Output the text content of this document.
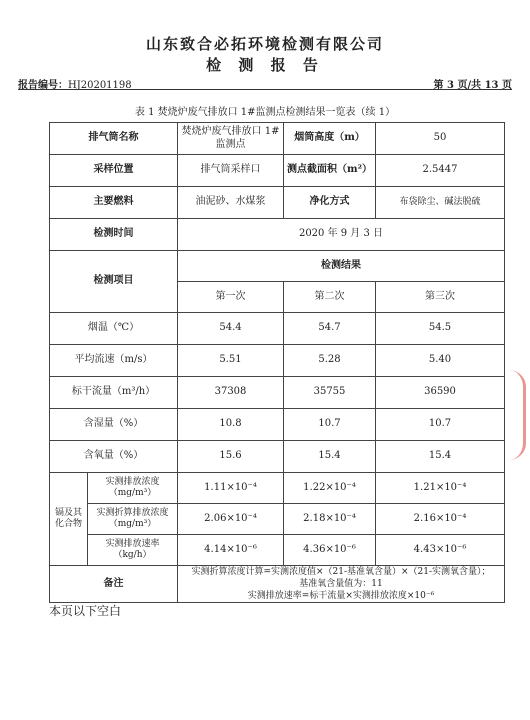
山东致合必拓环境检测有限公司
检 测 报 告
报告编号：HJ20201198	第 3 页/共 13 页
表 1 焚烧炉废气排放口 1#监测点检测结果一览表（续 1）
排气筒名称		焚烧炉废气排放口 1#监测点	烟筒高度（m）	50
采样位置		排气筒采样口	测点截面积（m²）	2.5447
主要燃料		油泥砂、水煤浆	净化方式	布袋除尘、碱法脱硫
检测时间		2020 年 9 月 3 日		
检测项目		检测结果		
		第一次	第二次	第三次
烟温（℃）		54.4	54.7	54.5
平均流速（m/s）		5.51	5.28	5.40
标干流量（m³/h）		37308	35755	36590
含湿量（%）		10.8	10.7	10.7
含氧量（%）		15.6	15.4	15.4
镉及其化合物	实测排放浓度（mg/m³）	1.11×10⁻⁴	1.22×10⁻⁴	1.21×10⁻⁴
	实测折算排放浓度（mg/m³）	2.06×10⁻⁴	2.18×10⁻⁴	2.16×10⁻⁴
	实测排放速率（kg/h）	4.14×10⁻⁶	4.36×10⁻⁶	4.43×10⁻⁶
备注		实测折算浓度计算=实测浓度值×（21-基准氧含量）×（21-实测氧含量）；
基准氧含量值为：11
实测排放速率=标干流量×实测排放浓度×10⁻⁶		
本页以下空白
